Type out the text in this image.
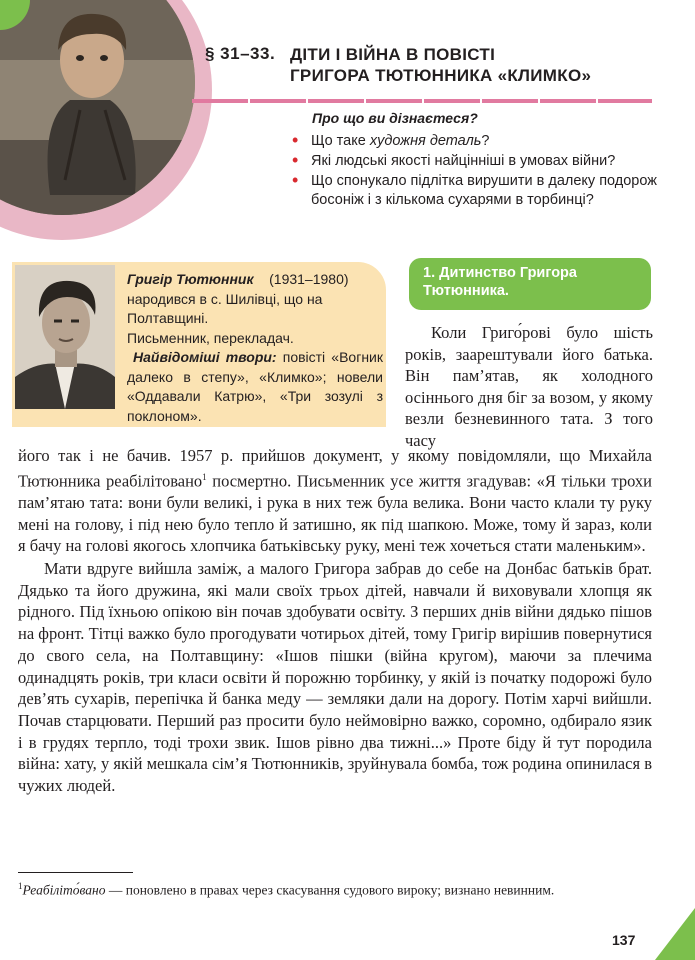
§ 31–33. ДІТИ І ВІЙНА В ПОВІСТІ
ГРИГОРА ТЮТЮННИКА «КЛИМКО»
Про що ви дізнаєтеся?
• Що таке художня деталь?
• Які людські якості найцінніші в умовах війни?
• Що спонукало підлітка вирушити в далеку подорож босоніж і з кількома сухарями в торбинці?
Григір Тютюнник (1931–1980)
народився в с. Шилівці, що на Полтавщині.
Письменник, перекладач.
Найвідоміші твори: повісті «Вогник далеко в степу», «Климко»; новели «Оддавали Катрю», «Три зозулі з поклоном».
1. Дитинство Григора Тютюнника.
Коли Григо́рові було шість років, заарештували його батька. Він пам’ятав, як холодного осіннього дня біг за возом, у якому везли безневинного тата. З того часу

його так і не бачив. 1957 р. прийшов документ, у якому повідомляли, що Михайла Тютюнника реабілітовано$^1$ посмертно. Письменник усе життя згадував: «Я тільки трохи пам’ятаю тата: вони були великі, і рука в них теж була велика. Вони часто клали ту руку мені на голову, і під нею було тепло й затишно, як під шапкою. Може, тому й зараз, коли я бачу на голові якогось хлопчика батьківську руку, мені теж хочеться стати маленьким».

Мати вдруге вийшла заміж, а малого Григора забрав до себе на Донбас батьків брат. Дядько та його дружина, які мали своїх трьох дітей, навчали й виховували хлопця як рідного. Під їхньою опікою він почав здобувати освіту. З перших днів війни дядько пішов на фронт. Тітці важко було прогодувати чотирьох дітей, тому Григір вирішив повернутися до свого села, на Полтавщину: «Ішов пішки (війна кругом), маючи за плечима одинадцять років, три класи освіти й порожню торбинку, у якій із початку подорожі було дев’ять сухарів, перепічка й банка меду — земляки дали на дорогу. Потім харчі вийшли. Почав старцювати. Перший раз просити було неймовірно важко, соромно, одбирало язик і в грудях терпло, тоді трохи звик. Ішов рівно два тижні...» Проте біду й тут породила війна: хату, у якій мешкала сім’я Тютюнників, зруйнувала бомба, тож родина опинилася в чужих людей.

$^1$Реабіліто́вано — поновлено в правах через скасування судового вироку; визнано невинним.
137
